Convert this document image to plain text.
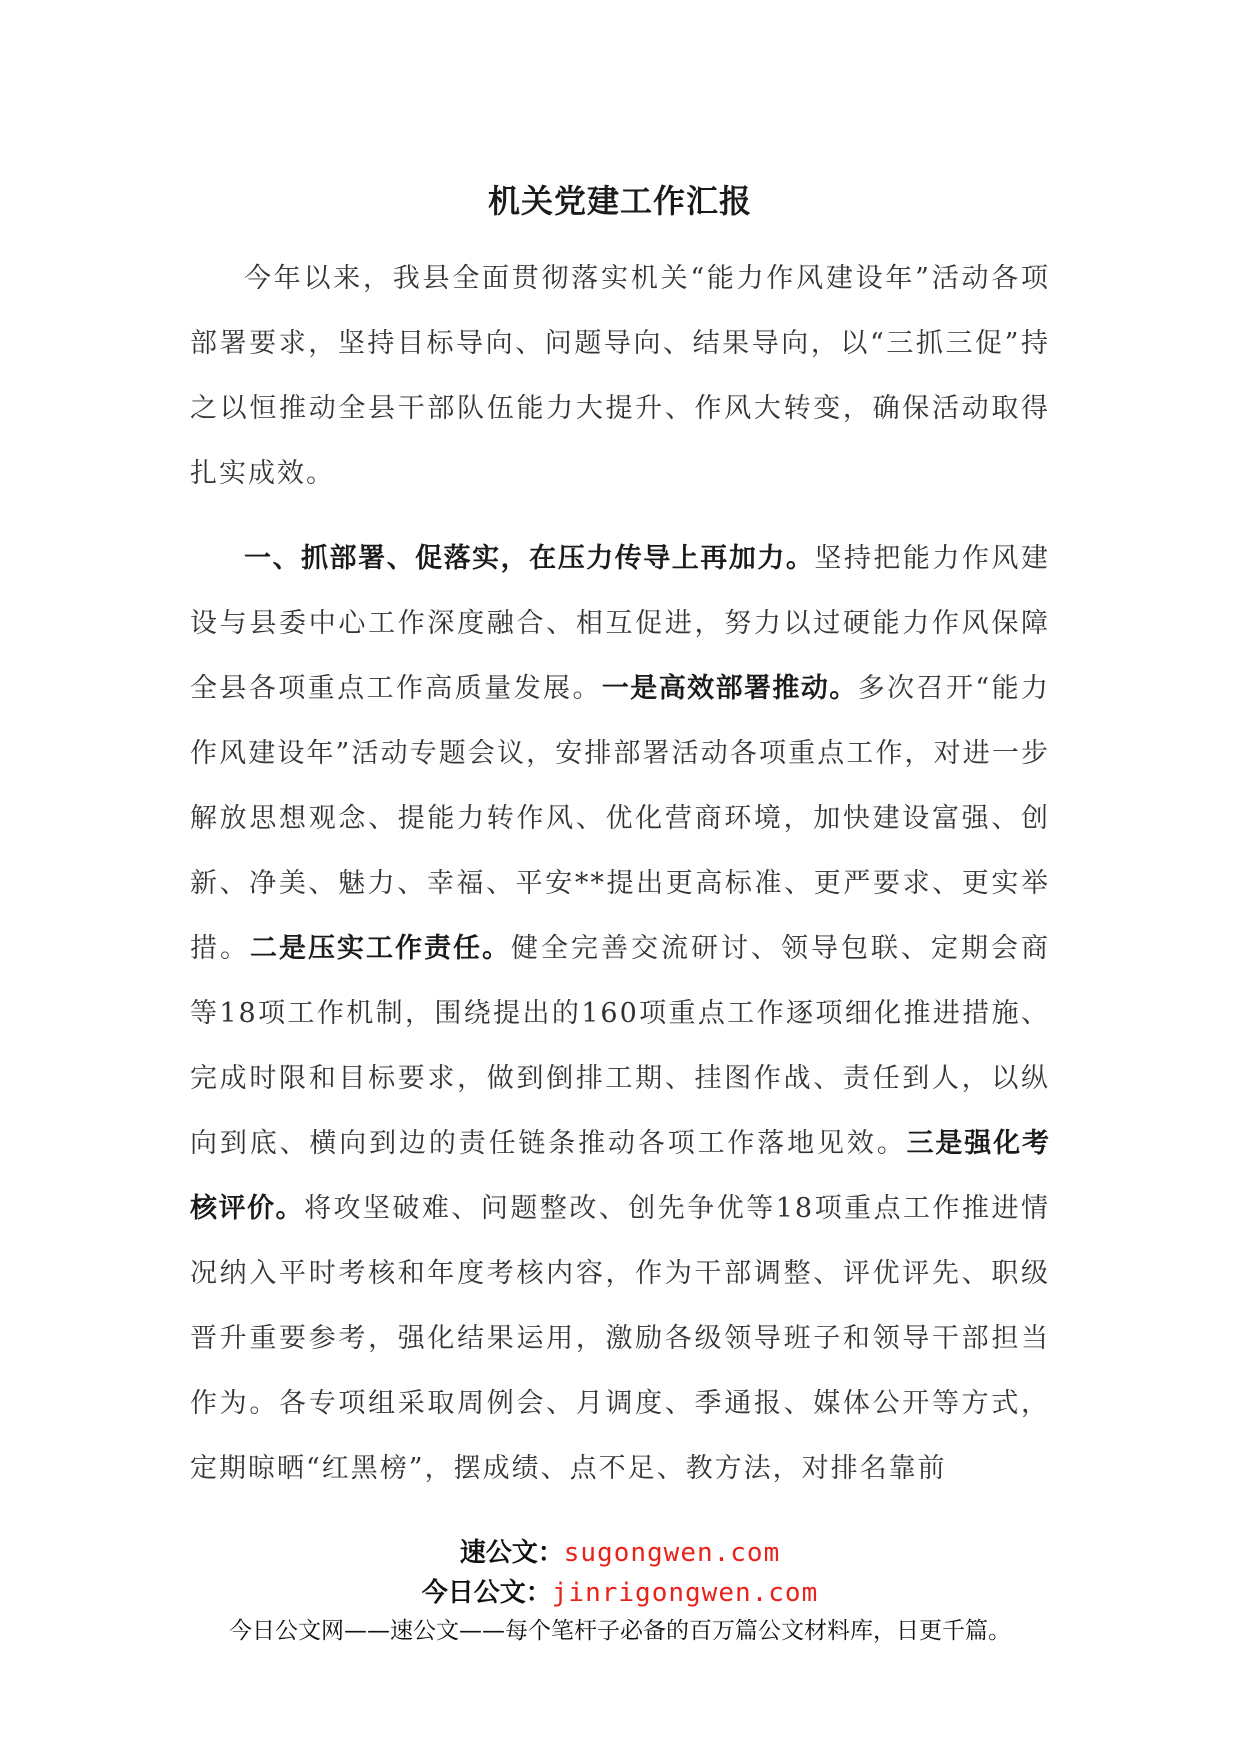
机关党建工作汇报

今年以来，我县全面贯彻落实机关“能力作风建设年”活动各项部署要求，坚持目标导向、问题导向、结果导向，以“三抓三促”持之以恒推动全县干部队伍能力大提升、作风大转变，确保活动取得扎实成效。

一、抓部署、促落实，在压力传导上再加力。坚持把能力作风建设与县委中心工作深度融合、相互促进，努力以过硬能力作风保障全县各项重点工作高质量发展。一是高效部署推动。多次召开“能力作风建设年”活动专题会议，安排部署活动各项重点工作，对进一步解放思想观念、提能力转作风、优化营商环境，加快建设富强、创新、净美、魅力、幸福、平安**提出更高标准、更严要求、更实举措。二是压实工作责任。健全完善交流研讨、领导包联、定期会商等18项工作机制，围绕提出的160项重点工作逐项细化推进措施、完成时限和目标要求，做到倒排工期、挂图作战、责任到人，以纵向到底、横向到边的责任链条推动各项工作落地见效。三是强化考核评价。将攻坚破难、问题整改、创先争优等18项重点工作推进情况纳入平时考核和年度考核内容，作为干部调整、评优评先、职级晋升重要参考，强化结果运用，激励各级领导班子和领导干部担当作为。各专项组采取周例会、月调度、季通报、媒体公开等方式，定期晾晒“红黑榜”，摆成绩、点不足、教方法，对排名靠前

速公文：sugongwen.com
今日公文：jinrigongwen.com
今日公文网——速公文——每个笔杆子必备的百万篇公文材料库，日更千篇。
